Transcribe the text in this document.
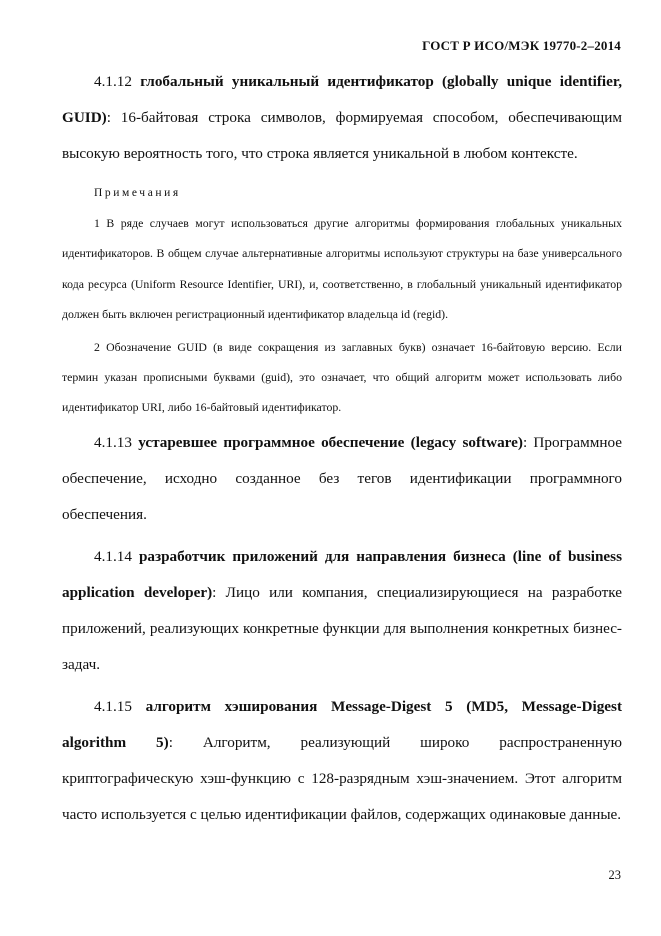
ГОСТ Р ИСО/МЭК 19770-2–2014

4.1.12 глобальный уникальный идентификатор (globally unique identifier, GUID): 16-байтовая строка символов, формируемая способом, обеспечивающим высокую вероятность того, что строка является уникальной в любом контексте.

Примечания

1 В ряде случаев могут использоваться другие алгоритмы формирования глобальных уникальных идентификаторов. В общем случае альтернативные алгоритмы используют структуры на базе универсального кода ресурса (Uniform Resource Identifier, URI), и, соответственно, в глобальный уникальный идентификатор должен быть включен регистрационный идентификатор владельца id (regid).

2 Обозначение GUID (в виде сокращения из заглавных букв) означает 16-байтовую версию. Если термин указан прописными буквами (guid), это означает, что общий алгоритм может использовать либо идентификатор URI, либо 16-байтовый идентификатор.

4.1.13 устаревшее программное обеспечение (legacy software): Программное обеспечение, исходно созданное без тегов идентификации программного обеспечения.

4.1.14 разработчик приложений для направления бизнеса (line of business application developer): Лицо или компания, специализирующиеся на разработке приложений, реализующих конкретные функции для выполнения конкретных бизнес-задач.

4.1.15 алгоритм хэширования Message-Digest 5 (MD5, Message-Digest algorithm 5): Алгоритм, реализующий широко распространенную криптографическую хэш-функцию с 128-разрядным хэш-значением. Этот алгоритм часто используется с целью идентификации файлов, содержащих одинаковые данные.

23
